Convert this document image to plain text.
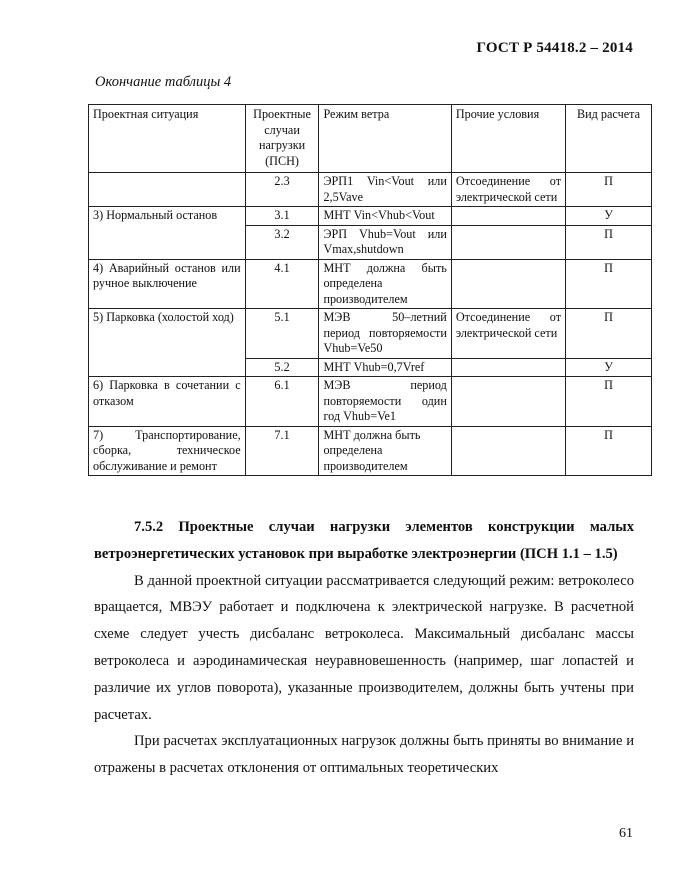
ГОСТ Р 54418.2 – 2014
Окончание таблицы 4
Проектная ситуация	Проектные случаи нагрузки (ПСН)	Режим ветра	Прочие условия	Вид расчета
	2.3	ЭРП1 Vin<Vout или 2,5Vave	Отсоединение от электрической сети	П
3) Нормальный останов	3.1	МНТ Vin<Vhub<Vout		У
	3.2	ЭРП Vhub=Vout или Vmax,shutdown		П
4) Аварийный останов или ручное выключение	4.1	МНТ должна быть определена производителем		П
5) Парковка (холостой ход)	5.1	МЭВ 50–летний период повторяемости Vhub=Ve50	Отсоединение от электрической сети	П
	5.2	МНТ Vhub=0,7Vref		У
6) Парковка в сочетании с отказом	6.1	МЭВ период повторяемости один год Vhub=Ve1		П
7) Транспортирование, сборка, техническое обслуживание и ремонт	7.1	МНТ должна быть определена производителем		П

7.5.2 Проектные случаи нагрузки элементов конструкции малых ветроэнергетических установок при выработке электроэнергии (ПСН 1.1 – 1.5)

В данной проектной ситуации рассматривается следующий режим: ветроколесо вращается, МВЭУ работает и подключена к электрической нагрузке. В расчетной схеме следует учесть дисбаланс ветроколеса. Максимальный дисбаланс массы ветроколеса и аэродинамическая неуравновешенность (например, шаг лопастей и различие их углов поворота), указанные производителем, должны быть учтены при расчетах.

При расчетах эксплуатационных нагрузок должны быть приняты во внимание и отражены в расчетах отклонения от оптимальных теоретических

61
